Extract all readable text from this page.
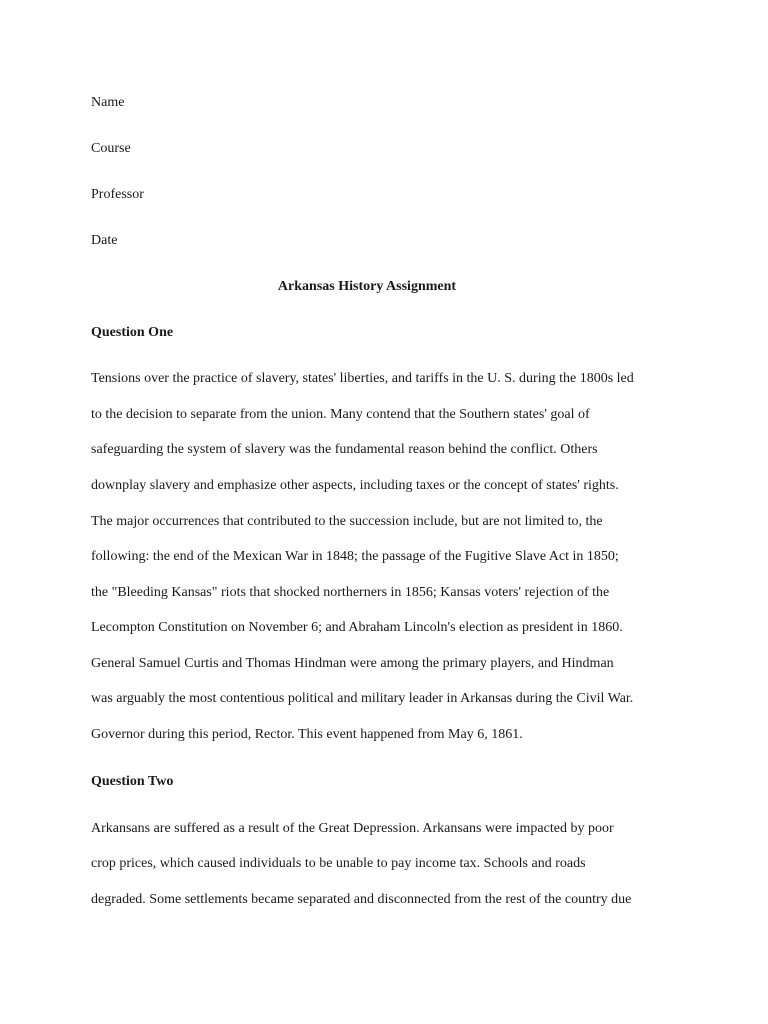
Name
Course
Professor
Date
Arkansas History Assignment
Question One
Tensions over the practice of slavery, states' liberties, and tariffs in the U. S. during the 1800s led
to the decision to separate from the union. Many contend that the Southern states' goal of
safeguarding the system of slavery was the fundamental reason behind the conflict. Others
downplay slavery and emphasize other aspects, including taxes or the concept of states' rights.
The major occurrences that contributed to the succession include, but are not limited to, the
following: the end of the Mexican War in 1848; the passage of the Fugitive Slave Act in 1850;
the "Bleeding Kansas" riots that shocked northerners in 1856; Kansas voters' rejection of the
Lecompton Constitution on November 6; and Abraham Lincoln's election as president in 1860.
General Samuel Curtis and Thomas Hindman were among the primary players, and Hindman
was arguably the most contentious political and military leader in Arkansas during the Civil War.
Governor during this period, Rector. This event happened from May 6, 1861.
Question Two
Arkansans are suffered as a result of the Great Depression. Arkansans were impacted by poor
crop prices, which caused individuals to be unable to pay income tax. Schools and roads
degraded. Some settlements became separated and disconnected from the rest of the country due
